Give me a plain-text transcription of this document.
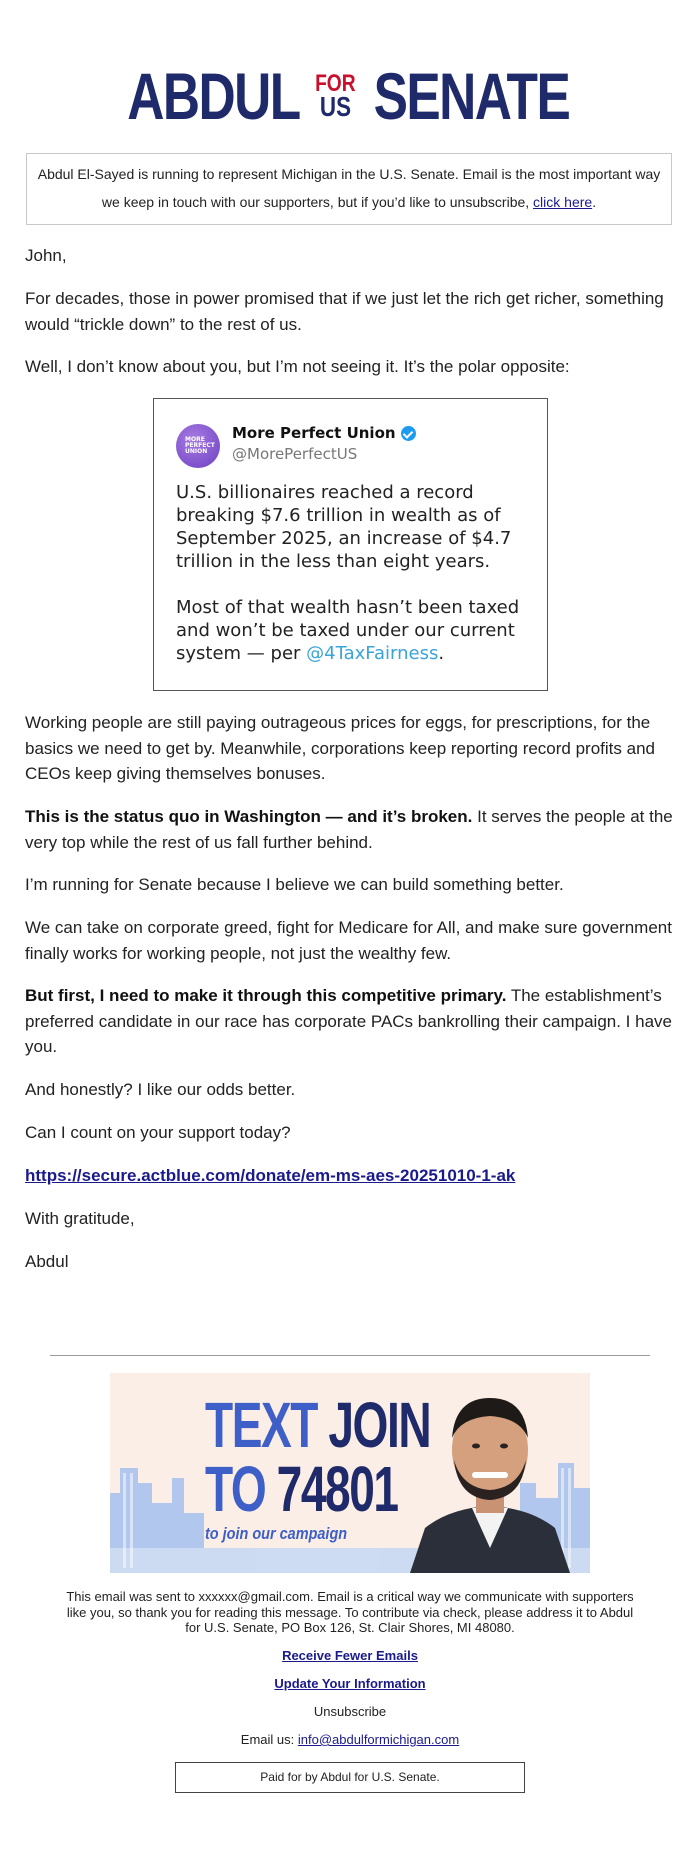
ABDUL FOR
US SENATE
Abdul El-Sayed is running to represent Michigan in the U.S. Senate. Email is the most important way we keep in touch with our supporters, but if you’d like to unsubscribe, click here.

John,

For decades, those in power promised that if we just let the rich get richer, something would “trickle down” to the rest of us.

Well, I don’t know about you, but I’m not seeing it. It’s the polar opposite:

MORE PERFECT UNION
More Perfect Union
@MorePerfectUS

U.S. billionaires reached a record breaking $7.6 trillion in wealth as of September 2025, an increase of $4.7 trillion in the less than eight years.

Most of that wealth hasn’t been taxed and won’t be taxed under our current system — per @4TaxFairness.

Working people are still paying outrageous prices for eggs, for prescriptions, for the basics we need to get by. Meanwhile, corporations keep reporting record profits and CEOs keep giving themselves bonuses.

This is the status quo in Washington — and it’s broken. It serves the people at the very top while the rest of us fall further behind.

I’m running for Senate because I believe we can build something better.

We can take on corporate greed, fight for Medicare for All, and make sure government finally works for working people, not just the wealthy few.

But first, I need to make it through this competitive primary. The establishment’s preferred candidate in our race has corporate PACs bankrolling their campaign. I have you.

And honestly? I like our odds better.

Can I count on your support today?

https://secure.actblue.com/donate/em-ms-aes-20251010-1-ak

With gratitude,

Abdul

TEXT JOIN
TO 74801
to join our campaign
This email was sent to xxxxxx@gmail.com. Email is a critical way we communicate with supporters like you, so thank you for reading this message. To contribute via check, please address it to Abdul for U.S. Senate, PO Box 126, St. Clair Shores, MI 48080.
Receive Fewer Emails
Update Your Information
Unsubscribe
Email us: info@abdulformichigan.com
Paid for by Abdul for U.S. Senate.
